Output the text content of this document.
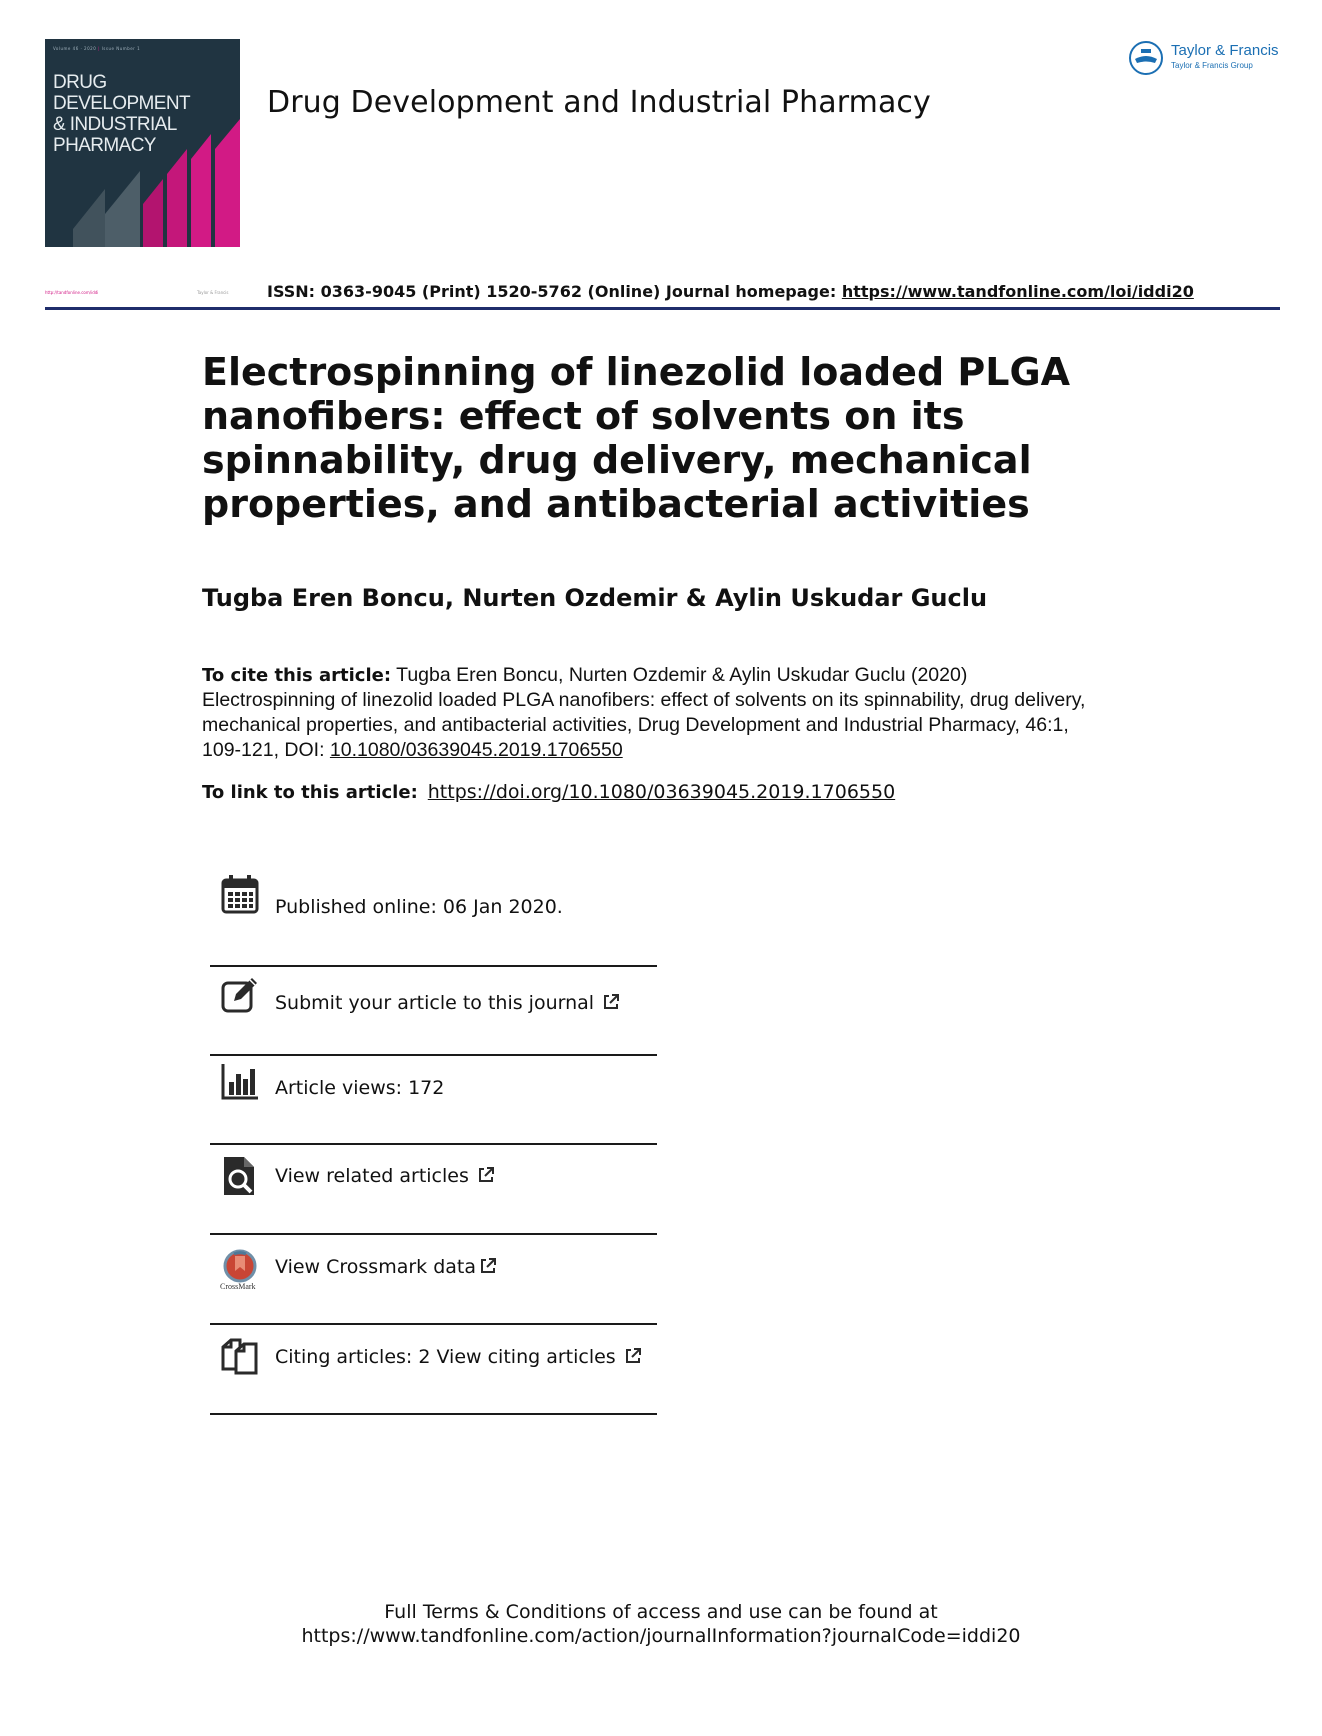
Volume 46 · 2020 | Issue Number 1
DRUG DEVELOPMENT
& INDUSTRIAL
PHARMACY
Drug Development and Industrial Pharmacy
Taylor & Francis
Taylor & Francis Group
http://tandfonline.com/iddi	Taylor & Francis ISSN: 0363-9045 (Print) 1520-5762 (Online) Journal homepage: https://www.tandfonline.com/loi/iddi20
Electrospinning of linezolid loaded PLGA nanofibers: effect of solvents on its spinnability, drug delivery, mechanical properties, and antibacterial activities
Tugba Eren Boncu, Nurten Ozdemir & Aylin Uskudar Guclu
To cite this article: Tugba Eren Boncu, Nurten Ozdemir & Aylin Uskudar Guclu (2020) Electrospinning of linezolid loaded PLGA nanofibers: effect of solvents on its spinnability, drug delivery, mechanical properties, and antibacterial activities, Drug Development and Industrial Pharmacy, 46:1, 109-121, DOI: 10.1080/03639045.2019.1706550
To link to this article: https://doi.org/10.1080/03639045.2019.1706550
Published online: 06 Jan 2020.
Submit your article to this journal
Article views: 172
View related articles
CrossMark
View Crossmark data
Citing articles: 2 View citing articles
Full Terms & Conditions of access and use can be found at
https://www.tandfonline.com/action/journalInformation?journalCode=iddi20
